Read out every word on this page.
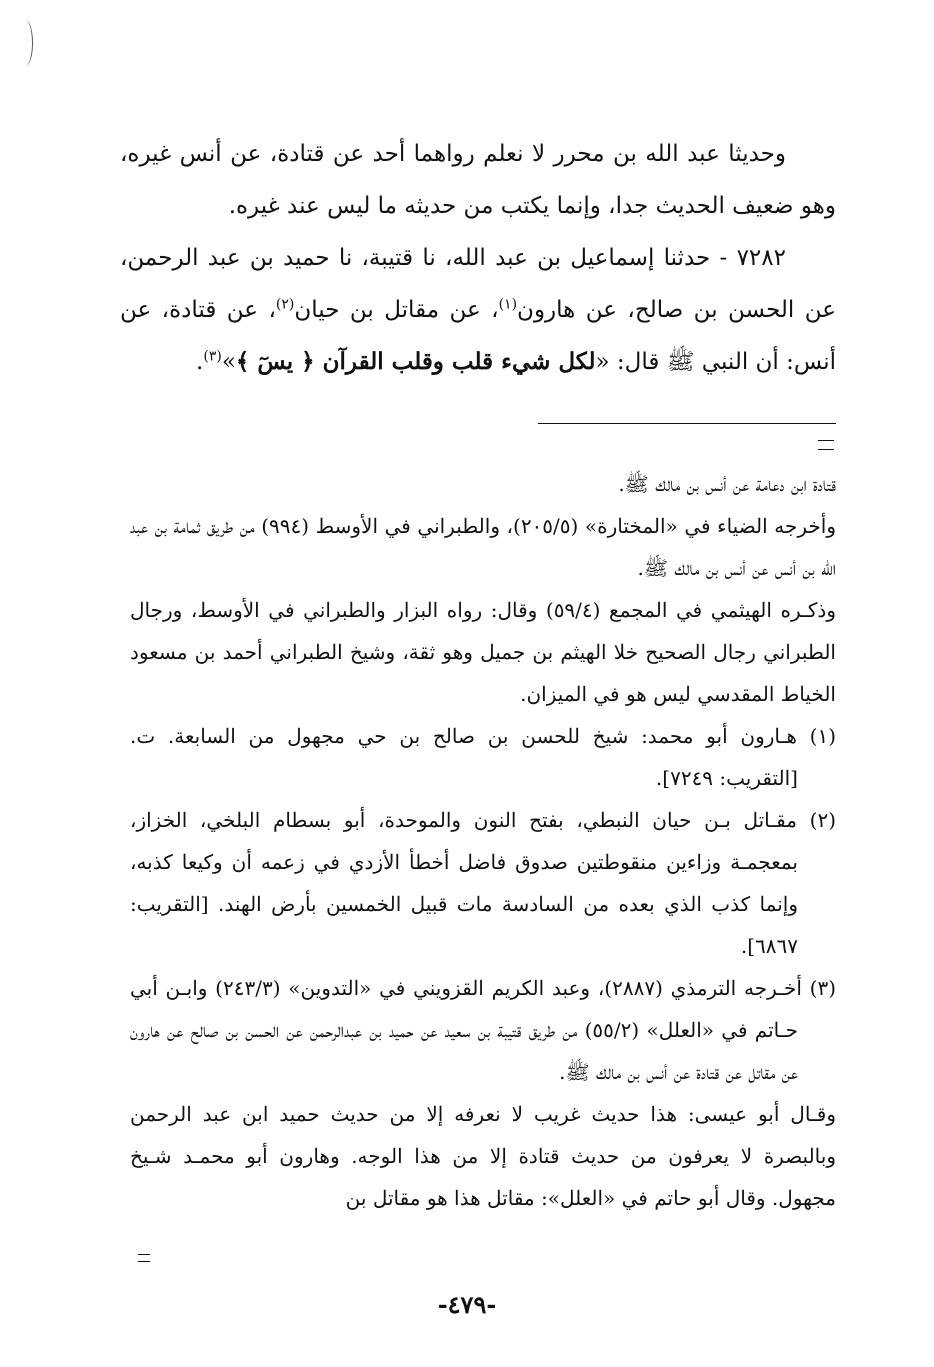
وحديثا عبد الله بن محرر لا نعلم رواهما أحد عن قتادة، عن أنس غيره، وهو ضعيف الحديث جدا، وإنما يكتب من حديثه ما ليس عند غيره.

٧٢٨٢ - حدثنا إسماعيل بن عبد الله، نا قتيبة، نا حميد بن عبد الرحمن، عن الحسن بن صالح، عن هارون$^{(١)}$، عن مقاتل بن حيان$^{(٢)}$، عن قتادة، عن أنس: أن النبي ﷺ قال: «لكل شيء قلب وقلب القرآن ﴿ يسٓ ﴾»$^{(٣)}$.

قتادة ابن دعامة عن أنس بن مالك ﷺ.

وأخرجه الضياء في «المختارة» (٢٠٥/٥)، والطبراني في الأوسط (٩٩٤) من طريق ثمامة بن عبد الله بن أنس عن أنس بن مالك ﷺ.

وذكـره الهيثمي في المجمع (٥٩/٤) وقال: رواه البزار والطبراني في الأوسط، ورجال الطبراني رجال الصحيح خلا الهيثم بن جميل وهو ثقة، وشيخ الطبراني أحمد بن مسعود الخياط المقدسي ليس هو في الميزان.

(١) هـارون أبو محمد: شيخ للحسن بن صالح بن حي مجهول من السابعة. ت. [التقريب: ٧٢٤٩].

(٢) مقـاتل بـن حيان النبطي، بفتح النون والموحدة، أبو بسطام البلخي، الخزاز، بمعجمـة وزاءين منقوطتين صدوق فاضل أخطأ الأزدي في زعمه أن وكيعا كذبه، وإنما كذب الذي بعده من السادسة مات قبيل الخمسين بأرض الهند. [التقريب: ٦٨٦٧].

(٣) أخـرجه الترمذي (٢٨٨٧)، وعبد الكريم القزويني في «التدوين» (٢٤٣/٣) وابـن أبي حـاتم في «العلل» (٥٥/٢) من طريق قتيبة بن سعيد عن حميد بن عبدالرحمن عن الحسن بن صالح عن هارون عن مقاتل عن قتادة عن أنس بن مالك ﷺ.

وقـال أبو عيسى: هذا حديث غريب لا نعرفه إلا من حديث حميد ابن عبد الرحمن وبالبصرة لا يعرفون من حديث قتادة إلا من هذا الوجه. وهارون أبو محمـد شـيخ مجهول. وقال أبو حاتم في «العلل»: مقاتل هذا هو مقاتل بن

-٤٧٩-
